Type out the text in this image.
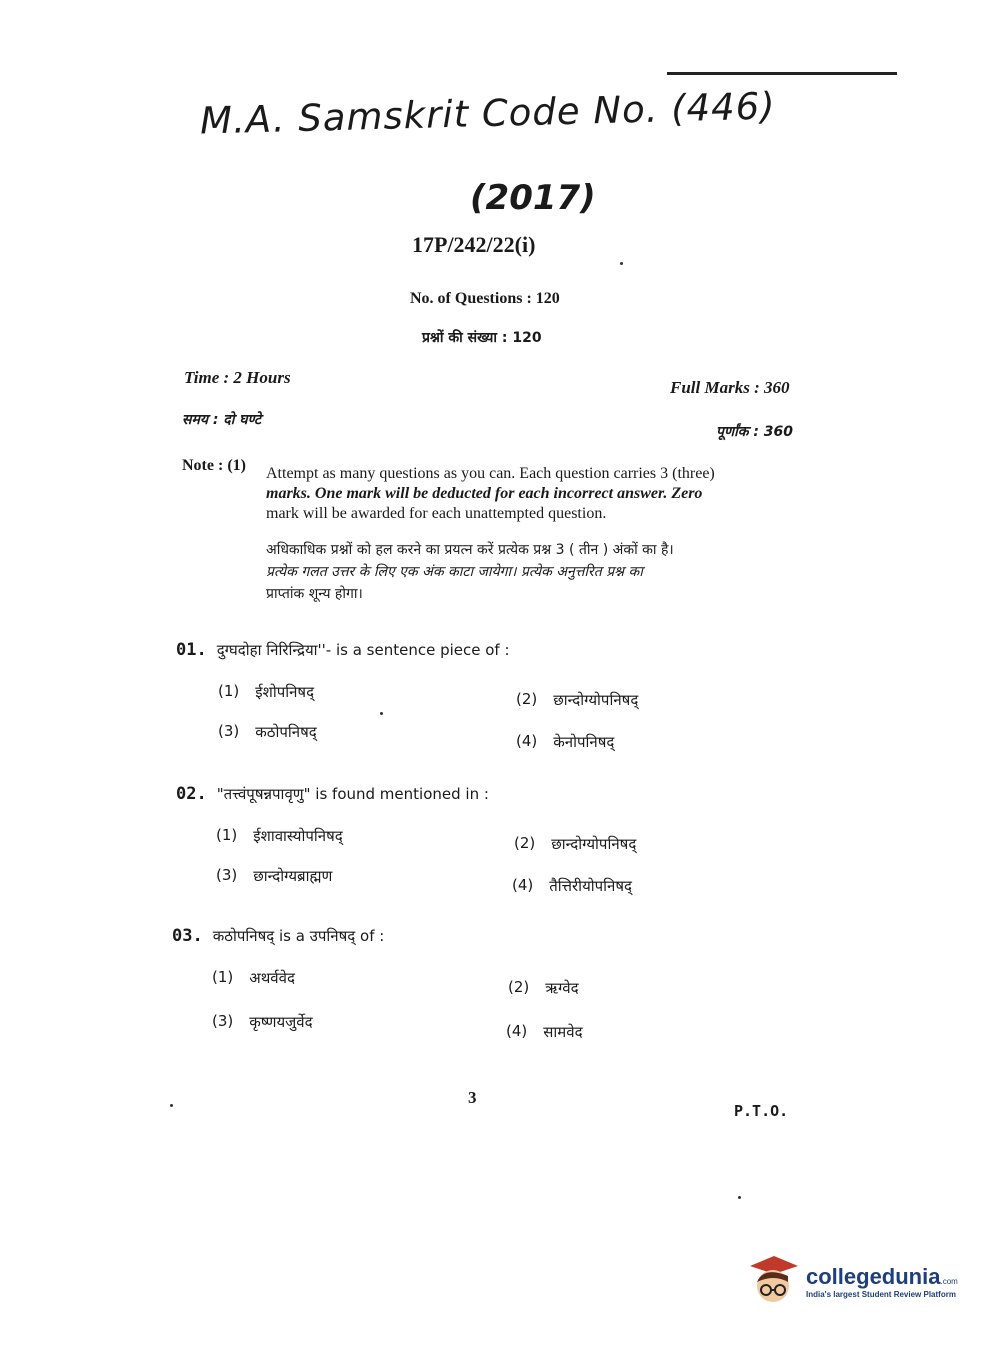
M.A. Samskrit Code No. (446)
(2017)
17P/242/22(i)
No. of Questions : 120
प्रश्नों की संख्या : 120
Time : 2 Hours
Full Marks : 360
समय : दो घण्टे
पूर्णांक : 360
Note : (1) Attempt as many questions as you can. Each question carries 3 (three)
marks. One mark will be deducted for each incorrect answer. Zero
mark will be awarded for each unattempted question.
अधिकाधिक प्रश्नों को हल करने का प्रयत्न करें प्रत्येक प्रश्न 3 ( तीन ) अंकों का है।
प्रत्येक गलत उत्तर के लिए एक अंक काटा जायेगा। प्रत्येक अनुत्तरित प्रश्न का
प्राप्तांक शून्य होगा।
01. दुग्घदोहा निरिन्द्रिया''- is a sentence piece of :
(1) ईशोपनिषद्	(2) छान्दोग्योपनिषद्
(3) कठोपनिषद्	(4) केनोपनिषद्
02. "तत्त्वंपूषन्नपावृणु" is found mentioned in :
(1) ईशावास्योपनिषद्	(2) छान्दोग्योपनिषद्
(3) छान्दोग्यब्राह्मण	(4) तैत्तिरीयोपनिषद्
03. कठोपनिषद् is a उपनिषद् of :
(1) अथर्ववेद	(2) ऋग्वेद
(3) कृष्णयजुर्वेद	(4) सामवेद
3
P.T.O.
collegedunia .com
India's largest Student Review Platform
